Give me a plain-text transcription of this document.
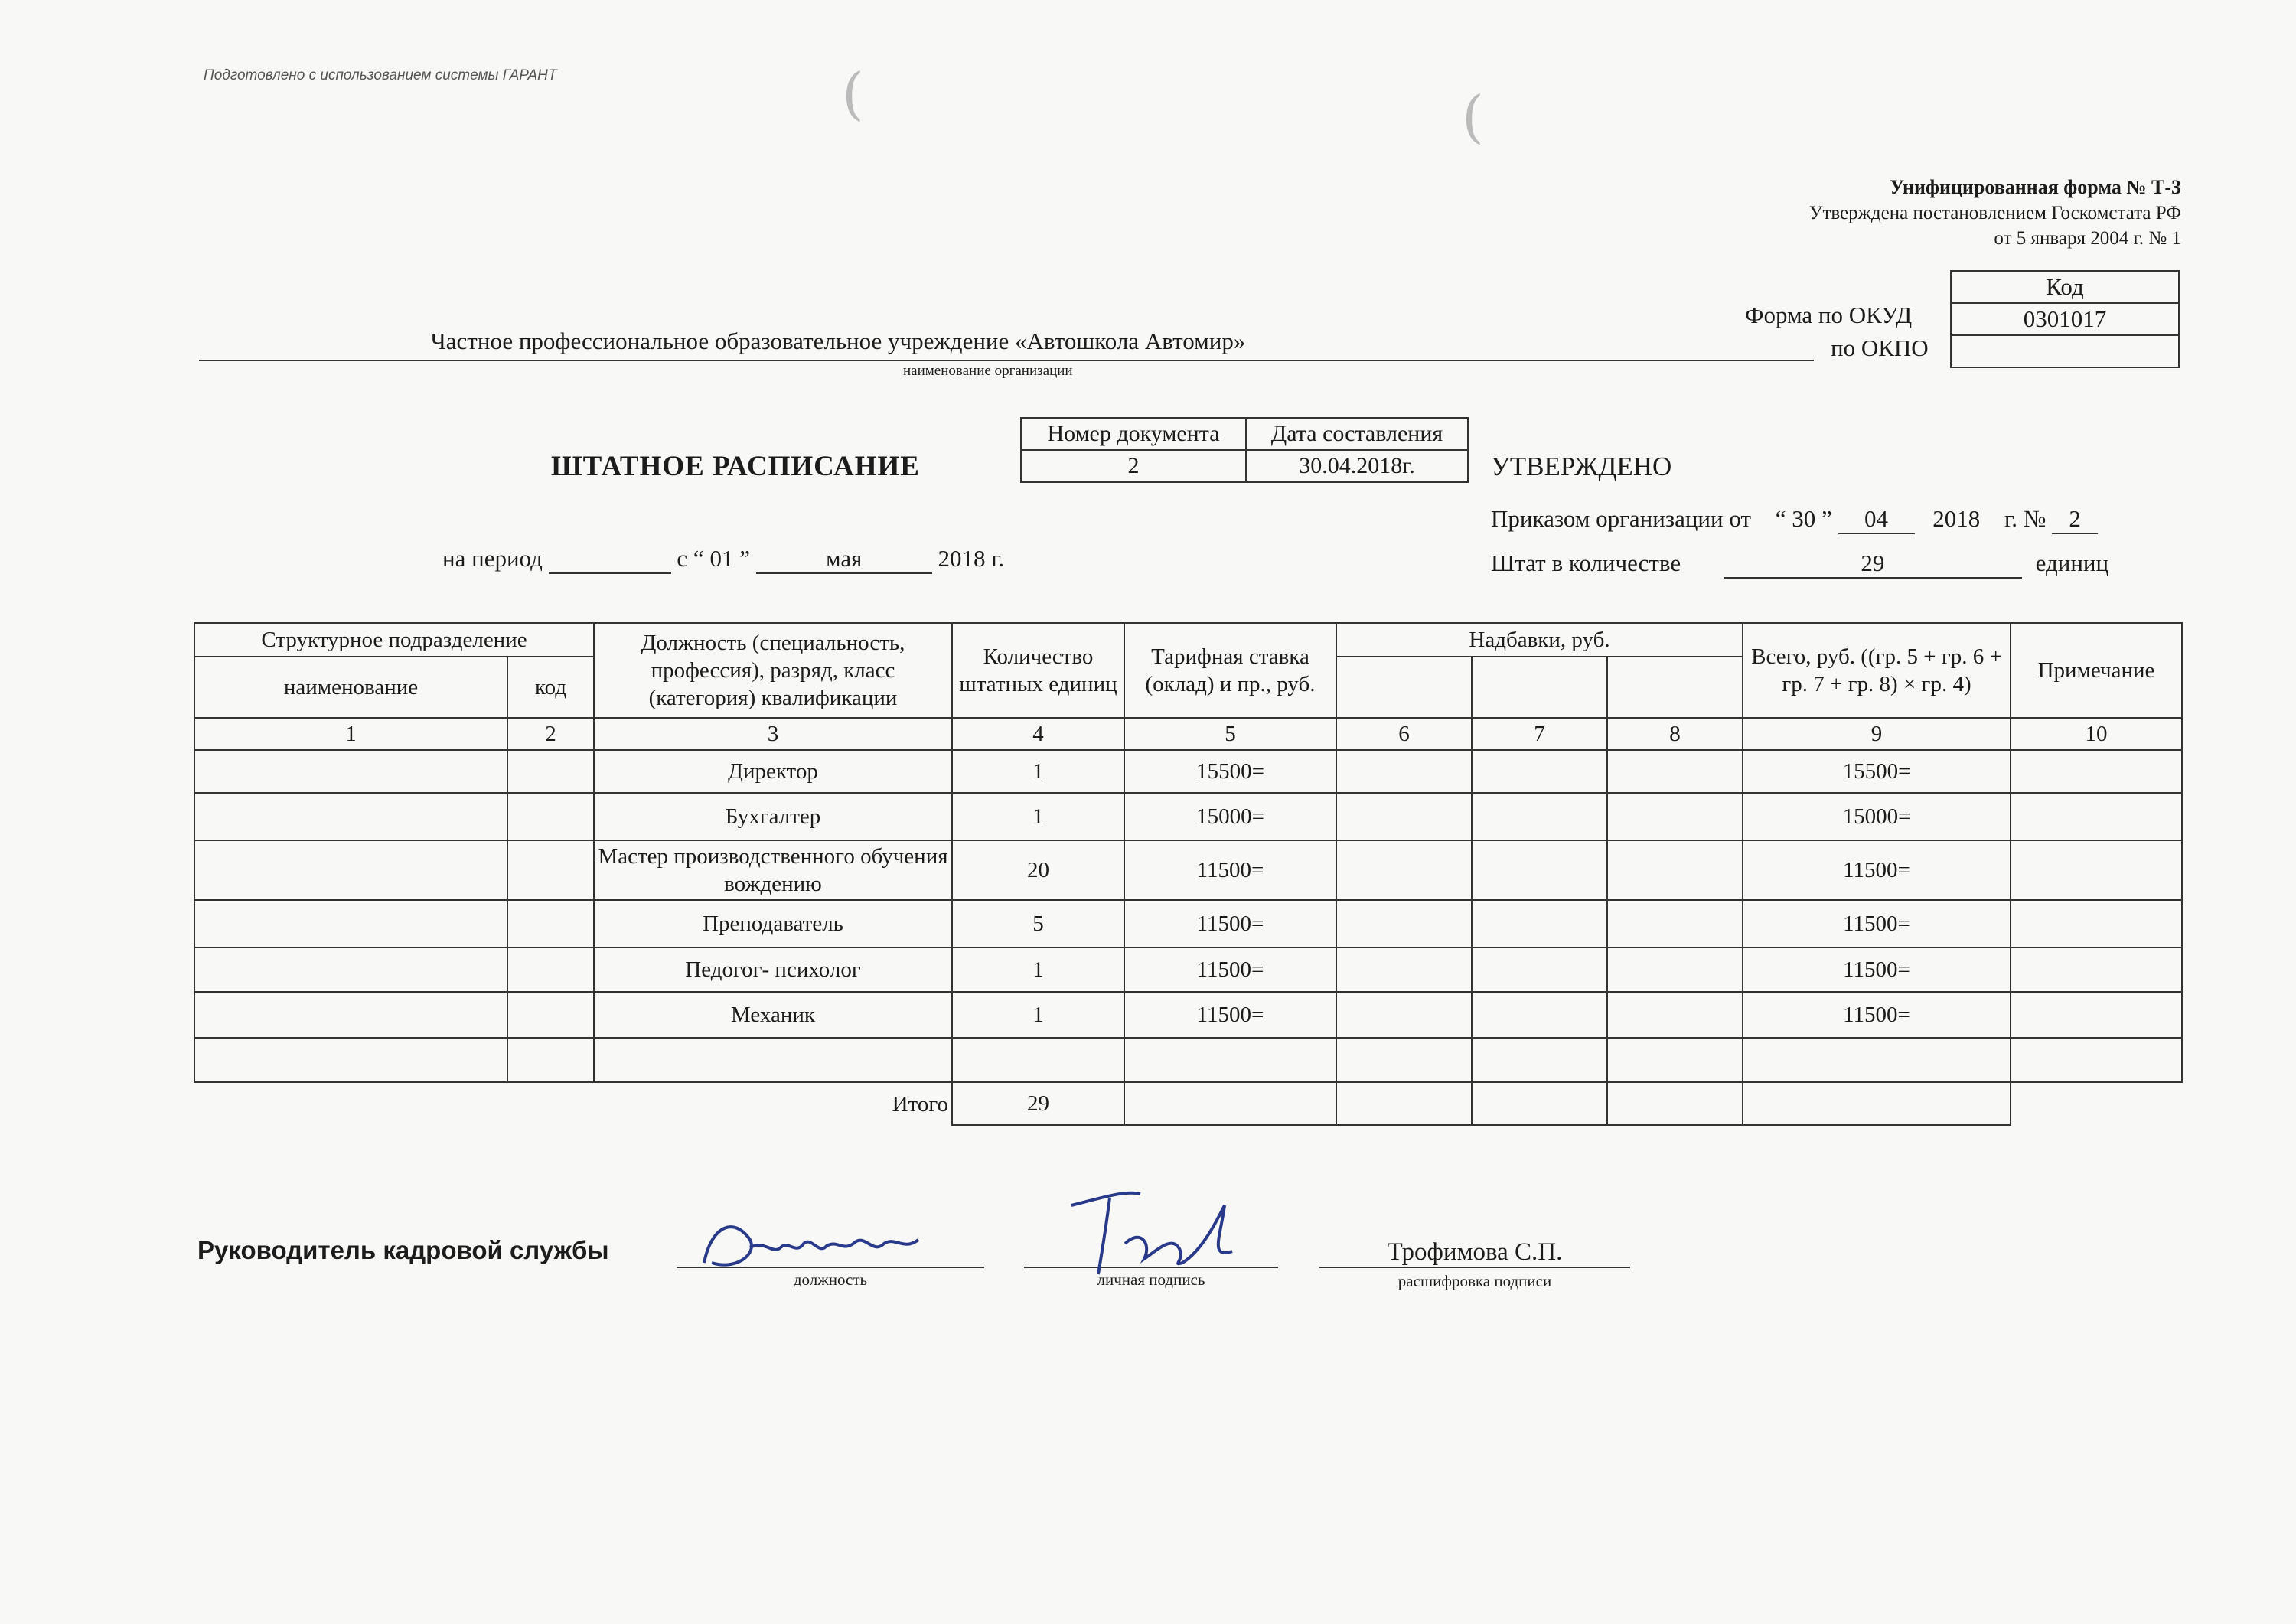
Подготовлено с использованием системы ГАРАНТ	(	(
Унифицированная форма № Т-3
Утверждена постановлением Госкомстата РФ
от 5 января 2004 г. № 1
Код
0301017

Форма по ОКУД
по ОКПО
Частное профессиональное образовательное учреждение «Автошкола Автомир»
наименование организации
ШТАТНОЕ РАСПИСАНИЕ
Номер документа	Дата составления
2	30.04.2018г.
на период	с “ 01 ”	мая	2018 г.
УТВЕРЖДЕНО
Приказом организации от “ 30 ” 04 2018 г. № 2
Штат в количестве	29	единиц
Структурное подразделение		Должность (специальность, профессия), разряд, класс (категория) квалификации	Количество штатных единиц	Тарифная ставка (оклад) и пр., руб.	Надбавки, руб.			Всего, руб. ((гр. 5 + гр. 6 + гр. 7 + гр. 8) × гр. 4)	Примечание
наименование	код								
1	2	3	4	5	6	7	8	9	10
		Директор	1	15500=				15500=	
		Бухгалтер	1	15000=				15000=	
		Мастер производственного обучения вождению	20	11500=				11500=	
		Преподаватель	5	11500=				11500=	
		Педогог- психолог	1	11500=				11500=	
		Механик	1	11500=				11500=	

Итого			29						
Руководитель кадровой службы
должность	личная подпись
Трофимова С.П.
расшифровка подписи
